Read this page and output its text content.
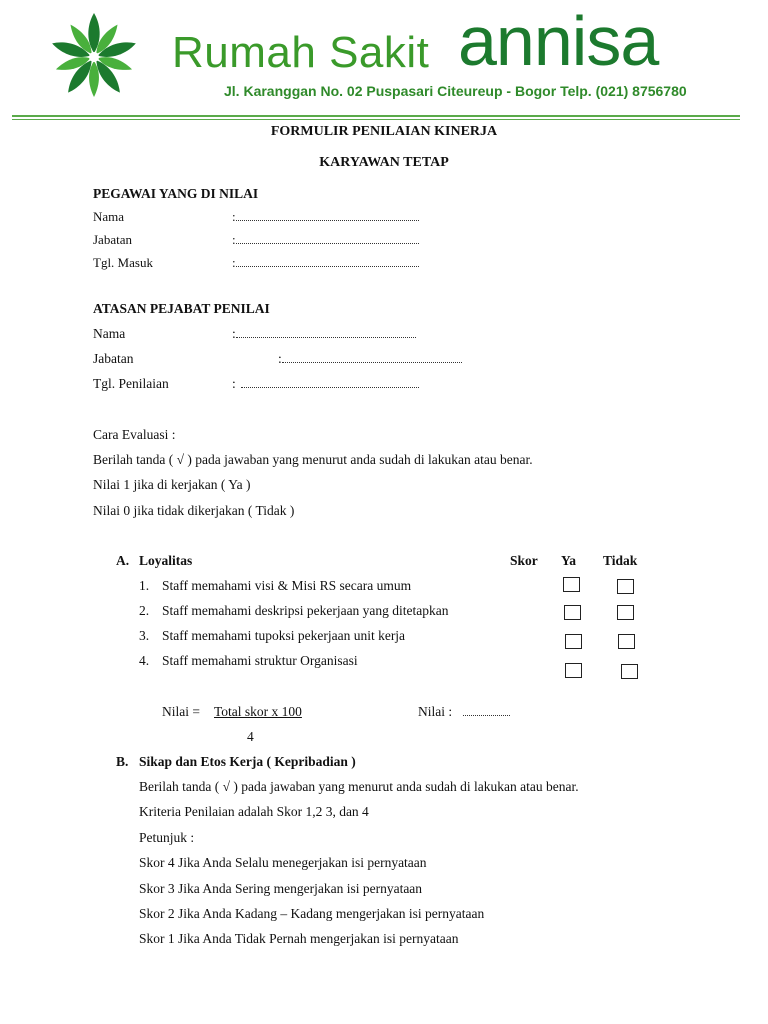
Rumah Sakit annisa
Jl. Karanggan No. 02 Puspasari Citeureup - Bogor Telp. (021) 8756780
FORMULIR PENILAIAN KINERJA
KARYAWAN TETAP
PEGAWAI YANG DI NILAI
Nama	:
Jabatan	:
Tgl. Masuk	:
ATASAN PEJABAT PENILAI
Nama	:
Jabatan	:
Tgl. Penilaian	:
Cara Evaluasi :
Berilah tanda ( √ ) pada jawaban yang menurut anda sudah di lakukan atau benar.
Nilai 1 jika di kerjakan ( Ya )
Nilai 0 jika tidak dikerjakan ( Tidak )
A. Loyalitas	Skor Ya Tidak
1. Staff memahami visi & Misi RS secara umum
2. Staff memahami deskripsi pekerjaan yang ditetapkan
3. Staff memahami tupoksi pekerjaan unit kerja
4. Staff memahami struktur Organisasi
Nilai = Total skor x 100
4
Nilai :
B. Sikap dan Etos Kerja ( Kepribadian )
Berilah tanda ( √ ) pada jawaban yang menurut anda sudah di lakukan atau benar.
Kriteria Penilaian adalah Skor 1,2 3, dan 4
Petunjuk :
Skor 4 Jika Anda Selalu menegerjakan isi pernyataan
Skor 3 Jika Anda Sering mengerjakan isi pernyataan
Skor 2 Jika Anda Kadang – Kadang mengerjakan isi pernyataan
Skor 1 Jika Anda Tidak Pernah mengerjakan isi pernyataan
